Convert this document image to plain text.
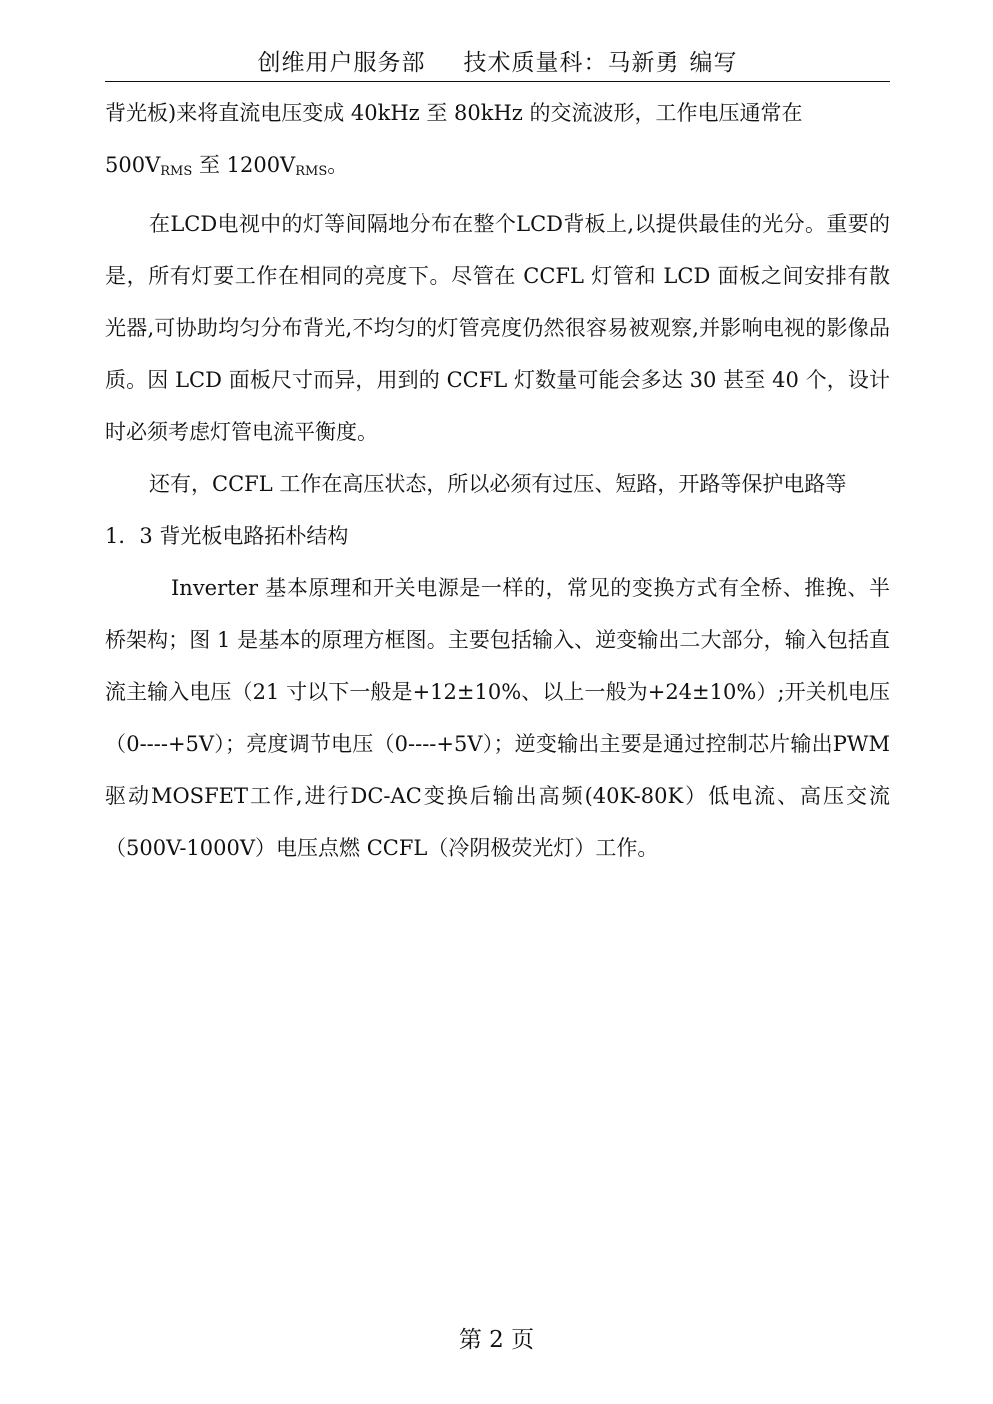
创维用户服务部 技术质量科：马新勇 编写

背光板)来将直流电压变成 40kHz 至 80kHz 的交流波形，工作电压通常在
$500V_{RMS}$ 至 $1200V_{RMS}$。

在LCD电视中的灯等间隔地分布在整个LCD背板上,以提供最佳的光分。重要的是，所有灯要工作在相同的亮度下。尽管在 CCFL 灯管和 LCD 面板之间安排有散光器,可协助均匀分布背光,不均匀的灯管亮度仍然很容易被观察,并影响电视的影像品质。因 LCD 面板尺寸而异，用到的 CCFL 灯数量可能会多达 30 甚至 40 个，设计时必须考虑灯管电流平衡度。

还有，CCFL 工作在高压状态，所以必须有过压、短路，开路等保护电路等

1．3 背光板电路拓朴结构

Inverter 基本原理和开关电源是一样的，常见的变换方式有全桥、推挽、半桥架构；图 1 是基本的原理方框图。主要包括输入、逆变输出二大部分，输入包括直流主输入电压（21 寸以下一般是+12±10%、以上一般为+24±10%）;开关机电压（0----+5V）；亮度调节电压（0----+5V）；逆变输出主要是通过控制芯片输出PWM驱动MOSFET工作,进行DC-AC变换后输出高频(40K-80K）低电流、高压交流（500V-1000V）电压点燃 CCFL（冷阴极荧光灯）工作。

第 2 页
